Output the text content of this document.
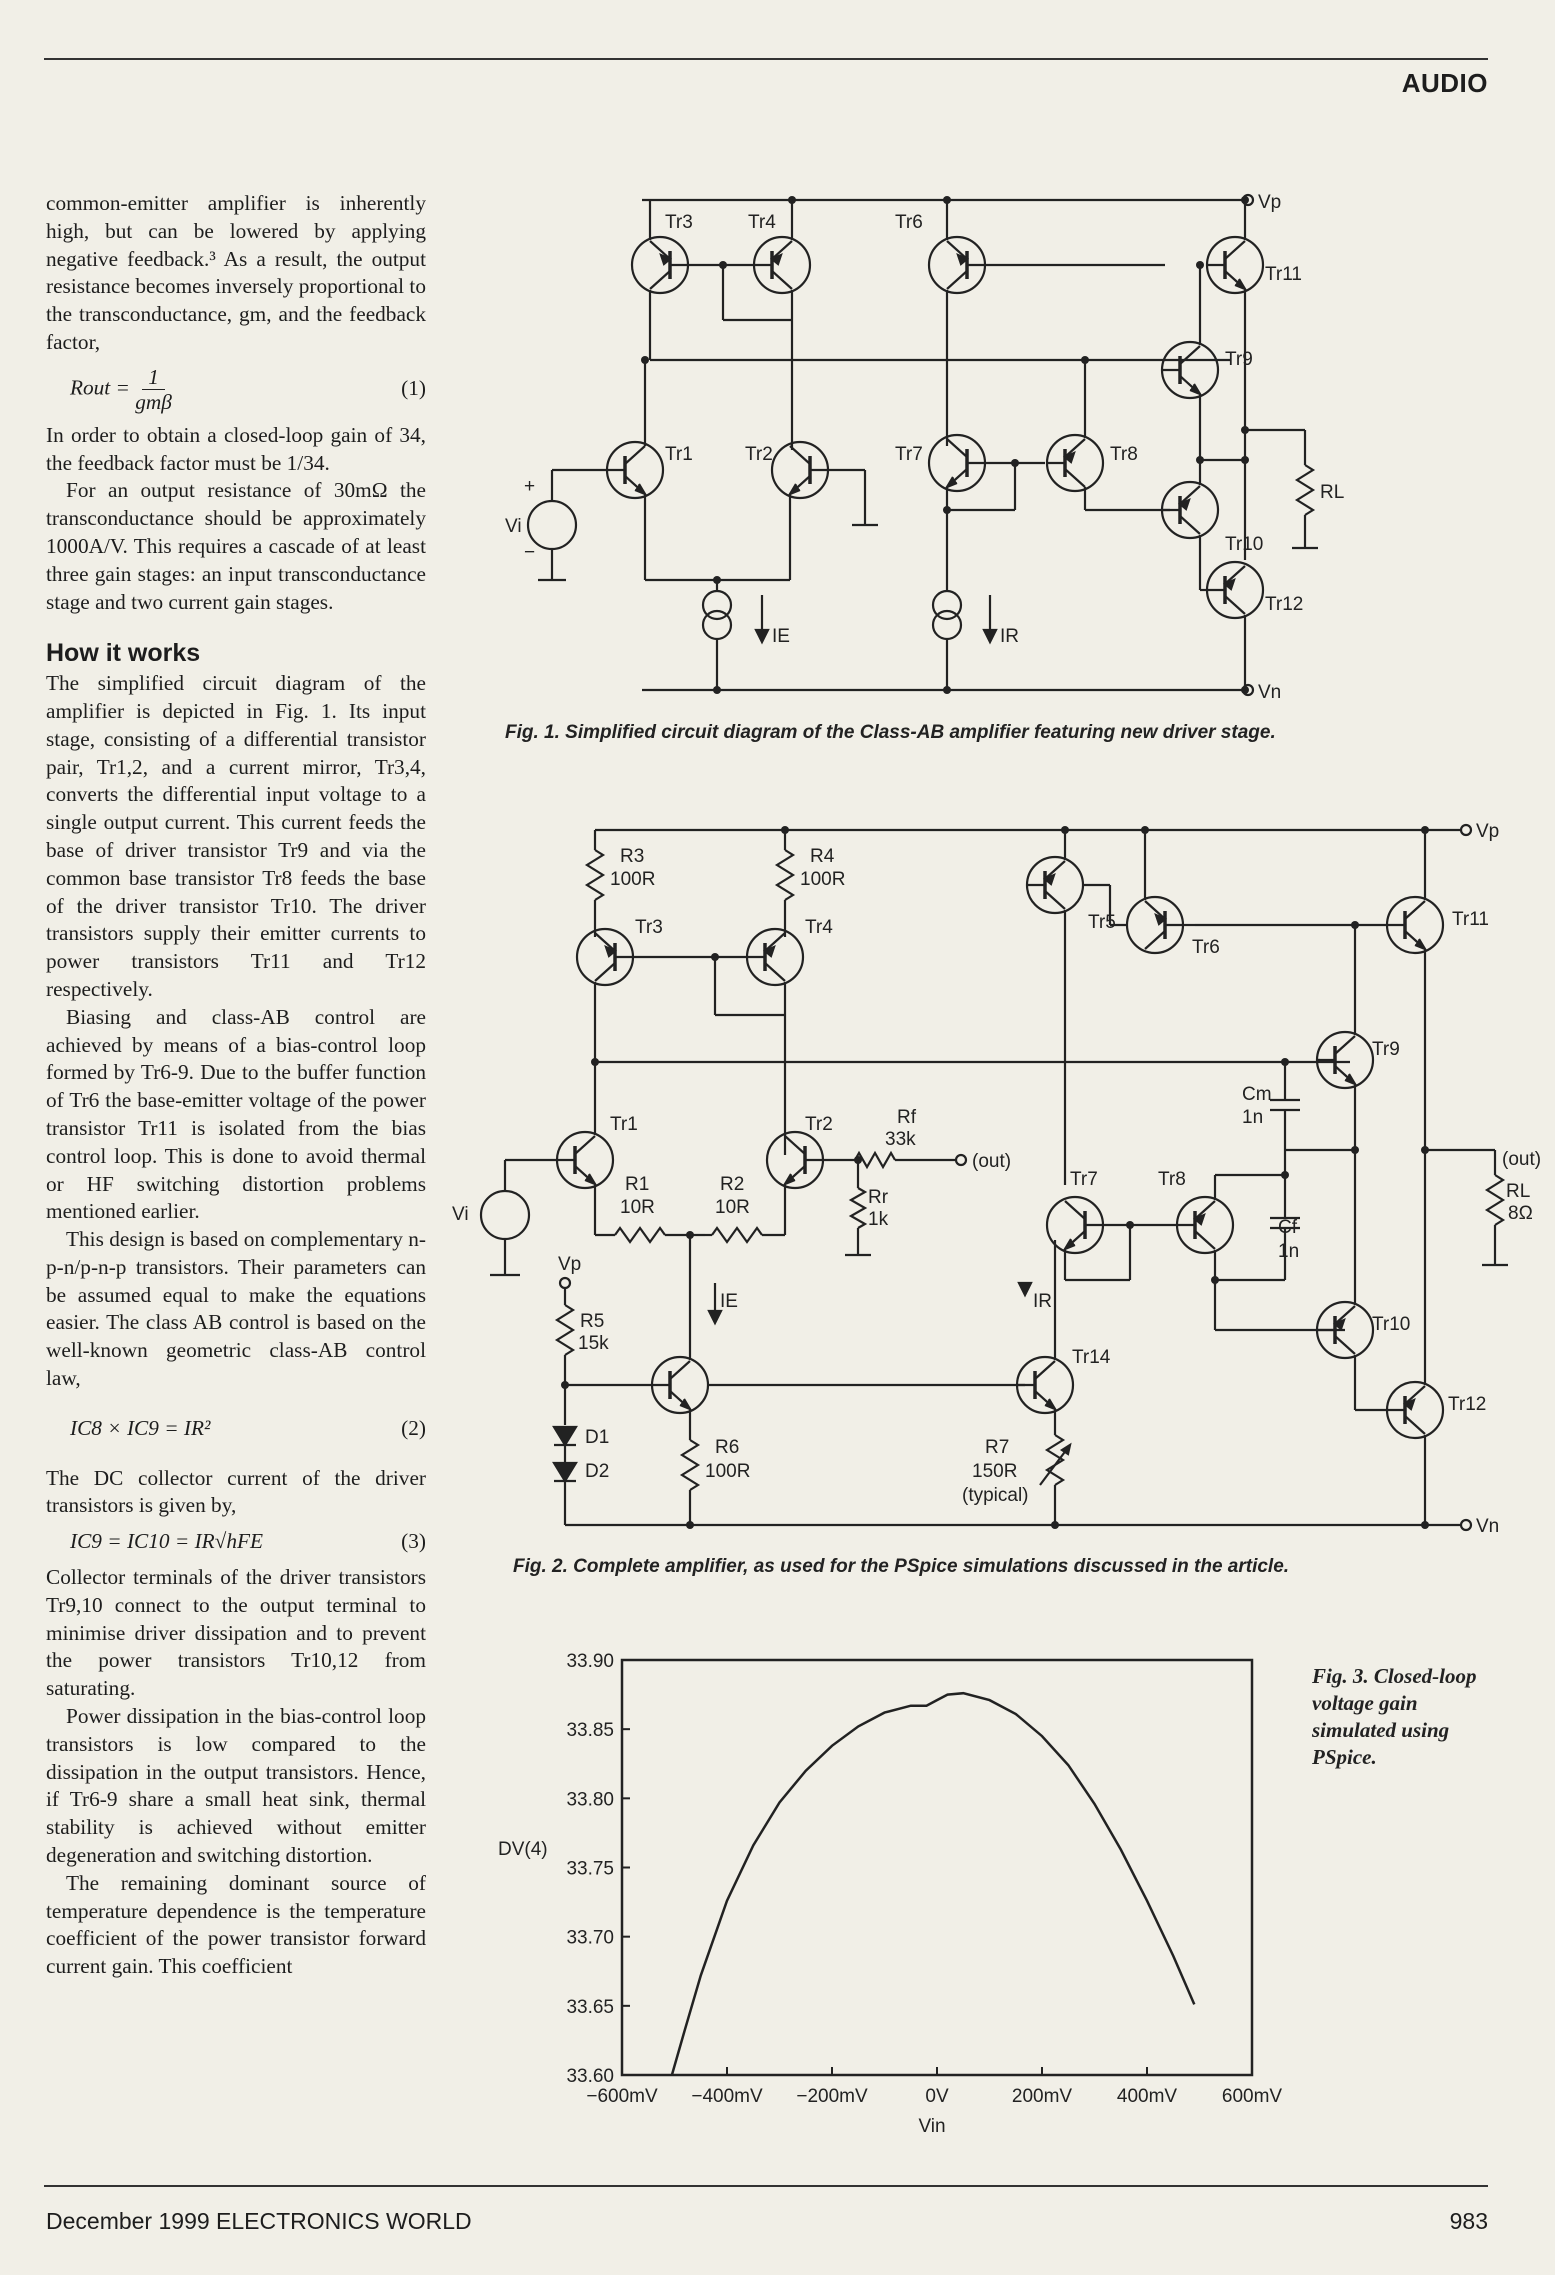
AUDIO

common-emitter amplifier is inherently high, but can be lowered by applying negative feedback.³ As a result, the output resistance becomes inversely proportional to the transconductance, gm, and the feedback factor,

Rout = $\frac{1}{\text{gmβ}}$	(1)

In order to obtain a closed-loop gain of 34, the feedback factor must be 1/34.

For an output resistance of 30mΩ the transconductance should be approximately 1000A/V. This requires a cascade of at least three gain stages: an input transconductance stage and two current gain stages.

How it works

The simplified circuit diagram of the amplifier is depicted in Fig. 1. Its input stage, consisting of a differential transistor pair, Tr1,2, and a current mirror, Tr3,4, converts the differential input voltage to a single output current. This current feeds the base of driver transistor Tr9 and via the common base transistor Tr8 feeds the base of the driver transistor Tr10. The driver transistors supply their emitter currents to power transistors Tr11 and Tr12 respectively.

Biasing and class-AB control are achieved by means of a bias-control loop formed by Tr6-9. Due to the buffer function of Tr6 the base-emitter voltage of the power transistor Tr11 is isolated from the bias control loop. This is done to avoid thermal or HF switching distortion problems mentioned earlier.

This design is based on complementary n-p-n/p-n-p transistors. Their parameters can be assumed equal to make the equations easier. The class AB control is based on the well-known geometric class-AB control law,

IC8 × IC9 = IR²	(2)

The DC collector current of the driver transistors is given by,

IC9 = IC10 = IR√hFE	(3)

Collector terminals of the driver transistors Tr9,10 connect to the output terminal to minimise driver dissipation and to prevent the power transistors Tr10,12 from saturating.

Power dissipation in the bias-control loop transistors is low compared to the dissipation in the output transistors. Hence, if Tr6-9 share a small heat sink, thermal stability is achieved without emitter degeneration and switching distortion.

The remaining dominant source of temperature dependence is the temperature coefficient of the power transistor forward current gain. This coefficient

Tr3	Tr4	Tr6
Tr11
Tr9
Tr1	Tr2	Tr7	Tr8
Tr10
Tr12
Vp
Vn
Vi
+
−
IE	IR
RL
Fig. 1. Simplified circuit diagram of the Class-AB amplifier featuring new driver stage.
R3
100R
R4
100R
Tr3	Tr4	Tr5
Tr6
Tr11
Tr9
Tr1	Tr2	Rf
33k
(out)
Cm
1n
(out)
R1
10R
R2
10R	Rr
1k
Tr7	Tr8
Cf
1n
RL
8Ω
Vi
Vp
R5
15k
IE	IR
Tr14
Tr10
Tr12
D1
D2
R6
100R
R7
150R
(typical)
Vp
Vn
Fig. 2. Complete amplifier, as used for the PSpice simulations discussed in the article.
33.60
33.65
33.70
33.75
33.80
33.85
33.90
−600mV −400mV −200mV	0V	200mV 400mV 600mV
DV(4)
Vin
Fig. 3. Closed-loop
voltage gain
simulated using
PSpice.
December 1999 ELECTRONICS WORLD	983
